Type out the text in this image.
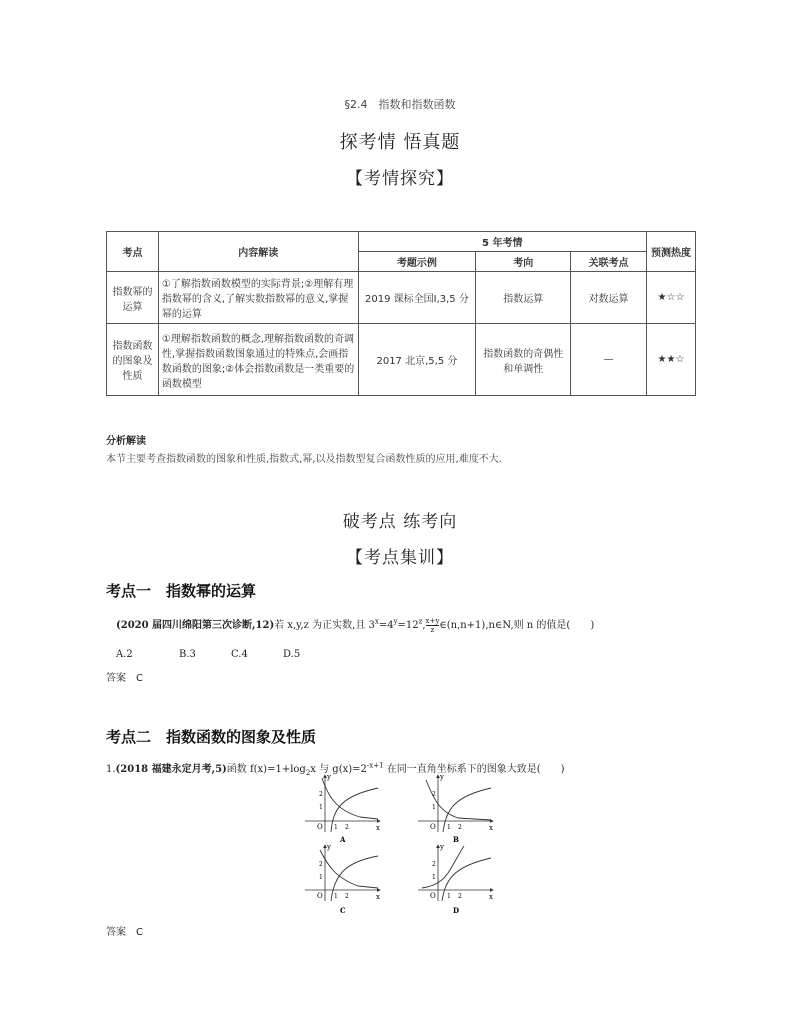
§2.4　指数和指数函数
探考情 悟真题
【考情探究】
考点	内容解读	5 年考情			预测热度
		考题示例	考向	关联考点	
指数幂的运算	①了解指数函数模型的实际背景;②理解有理指数幂的含义,了解实数指数幂的意义,掌握幂的运算	2019 课标全国Ⅰ,3,5 分	指数运算	对数运算	★☆☆
指数函数的图象及性质	①理解指数函数的概念,理解指数函数的奇调性,掌握指数函数图象通过的特殊点,会画指数函数的图象;②体会指数函数是一类重要的函数模型	2017 北京,5,5 分	指数函数的奇偶性和单调性	—	★★☆
分析解读
本节主要考查指数函数的图象和性质,指数式,幂,以及指数型复合函数性质的应用,难度不大.
破考点 练考向
【考点集训】
考点一　指数幂的运算
(2020 届四川绵阳第三次诊断,12)若 x,y,z 为正实数,且 $3^x=4^y=12^z$, $\frac{x+y}{z}$ ∈(n,n+1),n∈N,则 n 的值是(　　)
A.2	B.3	C.4	D.5
答案　C
考点二　指数函数的图象及性质
1.(2018 福建永定月考,5)函数 $f(x)=1+\log_2x$ 与 $g(x)=2^{-x+1}$ 在同一直角坐标系下的图象大致是(　　)
x
y
O 1 2
2
1
A
x
y
O 1 2
2
1
B
x
y
O 1 2
2
1
C
x
y
O 1 2
2
1
D
答案　C
